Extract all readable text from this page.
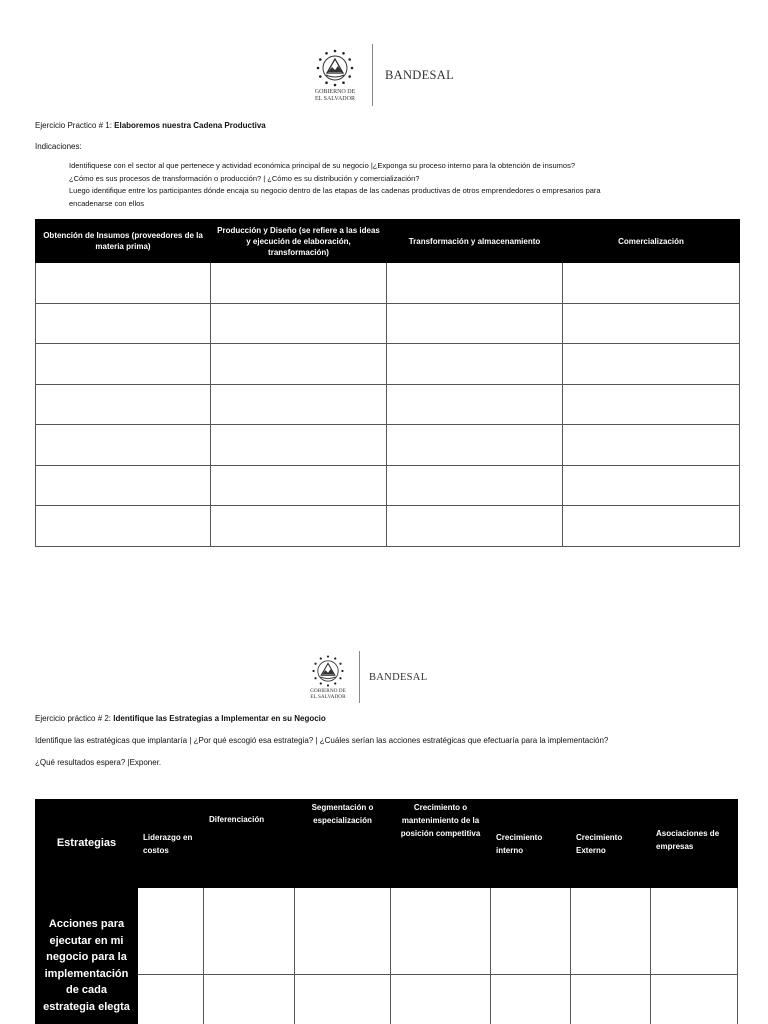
GOBIERNO DE
EL SALVADOR
BANDESAL
Ejercicio Practico # 1: Elaboremos nuestra Cadena Productiva
Indicaciones:
Identifiquese con el sector al que pertenece y actividad económica principal de su negocio |¿Exponga su proceso interno para la obtención de insumos?
¿Cómo es sus procesos de transformación o producción? | ¿Cómo es su distribución y comercialización?
Luego identifique entre los participantes dónde encaja su negocio dentro de las etapas de las cadenas productivas de otros emprendedores o empresarios para
encadenarse con ellos
Obtención de Insumos (proveedores de la materia prima)	Producción y Diseño (se refiere a las ideas y ejecución de elaboración, transformación)	Transformación y almacenamiento	Comercialización

GOBIERNO DE
EL SALVADOR
BANDESAL
Ejercicio práctico # 2: Identifique las Estrategias a Implementar en su Negocio
Identifique las estratégicas que implantaría | ¿Por qué escogió esa estrategia? | ¿Cuáles serían las acciones estratégicas que efectuaría para la implementación?
¿Qué resultados espera? |Exponer.
Estrategias	Liderazgo en costos	Diferenciación	Segmentación o especialización	Crecimiento o mantenimiento de la posición competitiva	Crecimiento interno	Crecimiento Externo	Asociaciones de empresas
Acciones para ejecutar en mi negocio para la implementación de cada estrategia elegta							
